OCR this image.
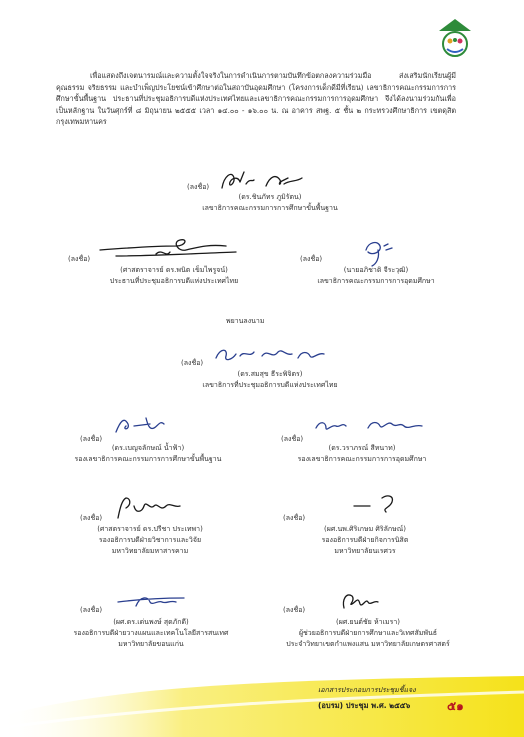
เพื่อแสดงถึงเจตนารมณ์และความตั้งใจจริงในการดำเนินการตามบันทึกข้อตกลงความร่วมมือ	ส่งเสริมนักเรียนผู้มีคุณธรรม จริยธรรม และบำเพ็ญประโยชน์เข้าศึกษาต่อในสถาบันอุดมศึกษา (โครงการเด็กดีมีที่เรียน) เลขาธิการคณะกรรมการการศึกษาขั้นพื้นฐาน ประธานที่ประชุมอธิการบดีแห่งประเทศไทยและเลขาธิการคณะกรรมการการอุดมศึกษา จึงได้ลงนามร่วมกันเพื่อเป็นหลักฐาน ในวันศุกร์ที่ ๘ มิถุนายน ๒๕๕๕ เวลา ๑๔.๐๐ - ๑๖.๐๐ น. ณ อาคาร สพฐ. ๕ ชั้น ๒ กระทรวงศึกษาธิการ เขตดุสิต กรุงเทพมหานคร
(ลงชื่อ)
(ดร.ชินภัทร ภูมิรัตน)
เลขาธิการคณะกรรมการการศึกษาขั้นพื้นฐาน
(ลงชื่อ)
(ศาสตราจารย์ ดร.พนิต เข็มไพรูจน์)
ประธานที่ประชุมอธิการบดีแห่งประเทศไทย
(ลงชื่อ)
(นายอภิชาติ จีระวุฒิ)
เลขาธิการคณะกรรมการการอุดมศึกษา
พยานลงนาม
(ลงชื่อ)
(ดร.สมสุข ธีระพิจิตร)
เลขาธิการที่ประชุมอธิการบดีแห่งประเทศไทย
(ลงชื่อ)
(ดร.เบญจลักษณ์ น้ำฟ้า)
รองเลขาธิการคณะกรรมการการศึกษาขั้นพื้นฐาน
(ลงชื่อ)
(ดร.วราภรณ์ สีหนาท)
รองเลขาธิการคณะกรรมการการอุดมศึกษา
(ลงชื่อ)
(ศาสตราจารย์ ดร.ปรีชา ประเทพา)
รองอธิการบดีฝ่ายวิชาการและวิจัย
มหาวิทยาลัยมหาสารคาม
(ลงชื่อ)
(ผศ.นพ.ศิริเกษม ศิริลักษณ์)
รองอธิการบดีฝ่ายกิจการนิสิต
มหาวิทยาลัยนเรศวร
(ลงชื่อ)
(ผศ.ดร.เด่นพงษ์ สุดภักดี)
รองอธิการบดีฝ่ายวางแผนและเทคโนโลยีสารสนเทศ
มหาวิทยาลัยขอนแก่น
(ลงชื่อ)
(ผศ.ยนต์ชัย ห้าเมรา)
ผู้ช่วยอธิการบดีฝ่ายการศึกษาและวิเทศสัมพันธ์
ประจำวิทยาเขตกำแพงแสน มหาวิทยาลัยเกษตรศาสตร์
เอกสารประกอบการประชุมชี้แจง
(อบรม) ประชุม พ.ศ. ๒๕๕๖	๕๑
